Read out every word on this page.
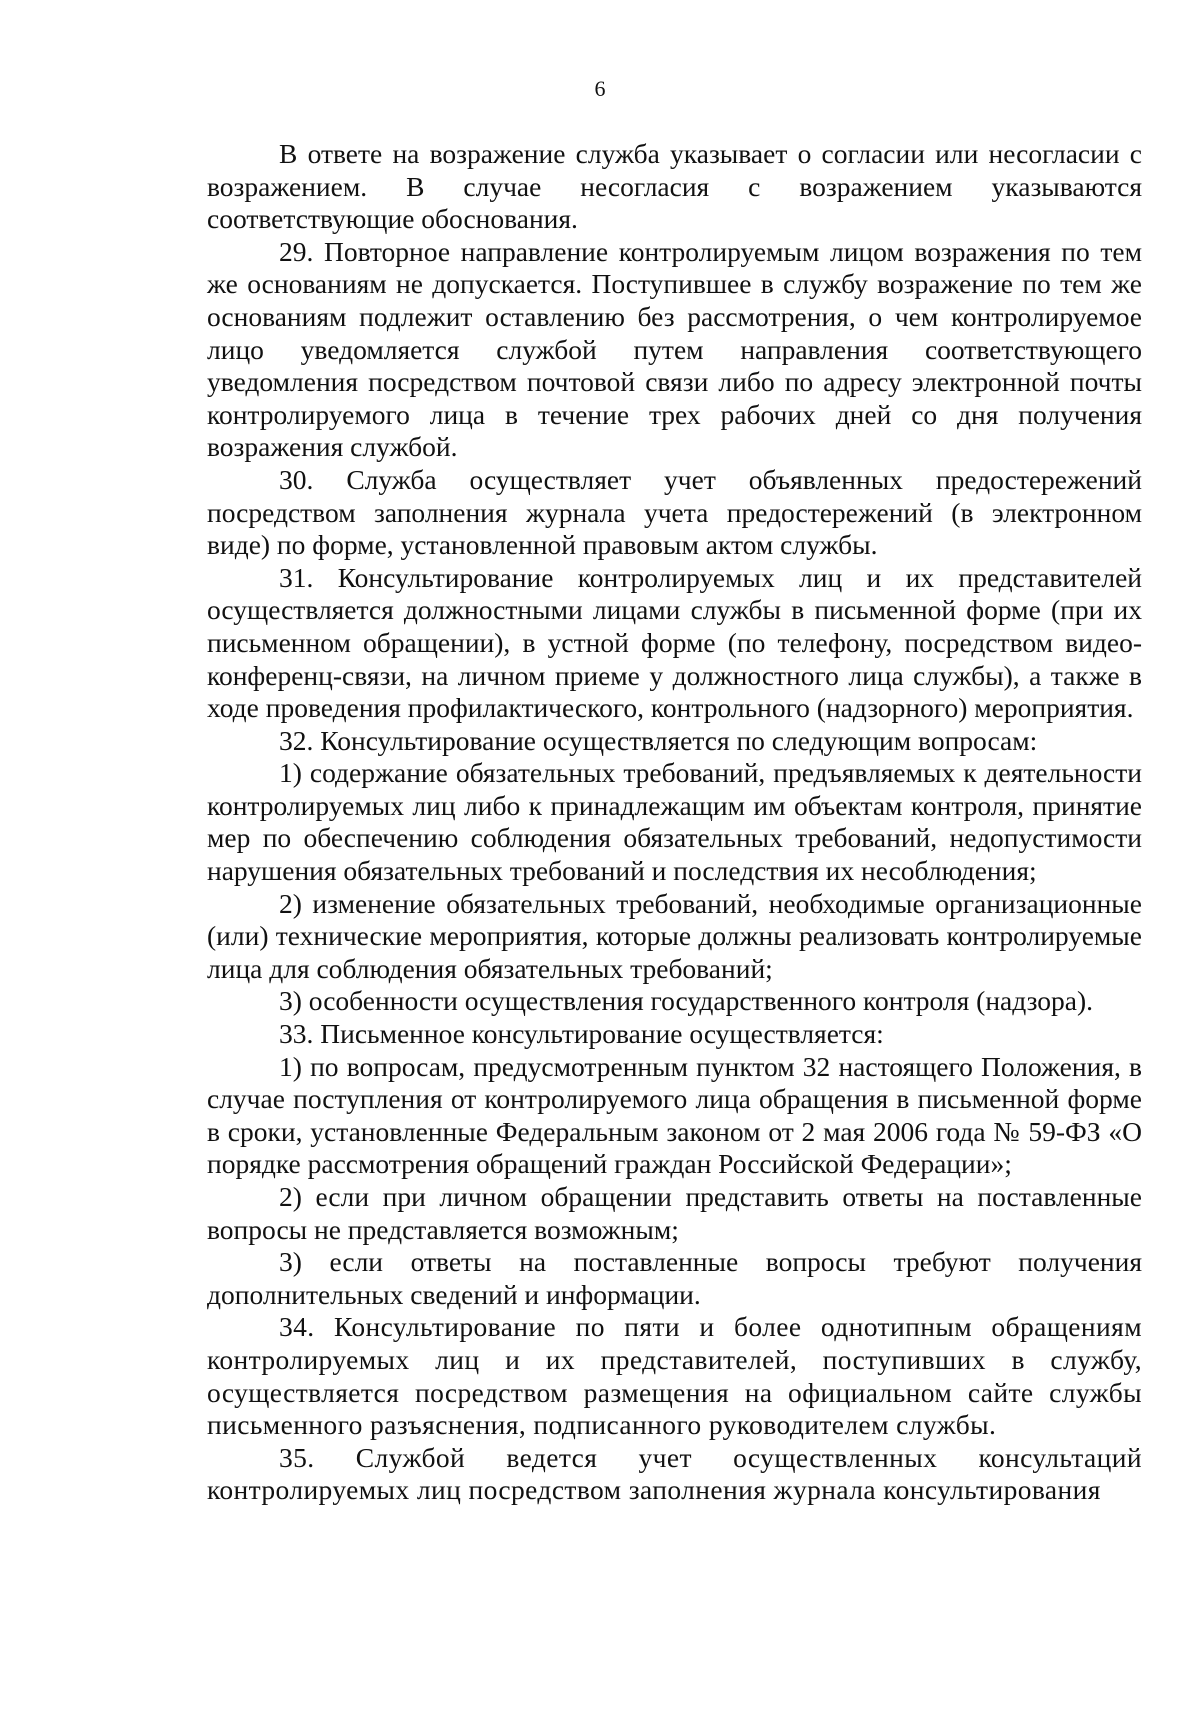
6

В ответе на возражение служба указывает о согласии или несогласии с возражением. В случае несогласия с возражением указываются соответствующие обоснования.

29. Повторное направление контролируемым лицом возражения по тем же основаниям не допускается. Поступившее в службу возражение по тем же основаниям подлежит оставлению без рассмотрения, о чем контролируемое лицо уведомляется службой путем направления соответствующего уведомления посредством почтовой связи либо по адресу электронной почты контролируемого лица в течение трех рабочих дней со дня получения возражения службой.

30. Служба осуществляет учет объявленных предостережений посредством заполнения журнала учета предостережений (в электронном виде) по форме, установленной правовым актом службы.

31. Консультирование контролируемых лиц и их представителей осуществляется должностными лицами службы в письменной форме (при их письменном обращении), в устной форме (по телефону, посредством видео-конференц-связи, на личном приеме у должностного лица службы), а также в ходе проведения профилактического, контрольного (надзорного) мероприятия.

32. Консультирование осуществляется по следующим вопросам:

1) содержание обязательных требований, предъявляемых к деятельности контролируемых лиц либо к принадлежащим им объектам контроля, принятие мер по обеспечению соблюдения обязательных требований, недопустимости нарушения обязательных требований и последствия их несоблюдения;

2) изменение обязательных требований, необходимые организационные (или) технические мероприятия, которые должны реализовать контролируемые лица для соблюдения обязательных требований;

3) особенности осуществления государственного контроля (надзора).

33. Письменное консультирование осуществляется:

1) по вопросам, предусмотренным пунктом 32 настоящего Положения, в случае поступления от контролируемого лица обращения в письменной форме в сроки, установленные Федеральным законом от 2 мая 2006 года № 59-ФЗ «О порядке рассмотрения обращений граждан Российской Федерации»;

2) если при личном обращении представить ответы на поставленные вопросы не представляется возможным;

3) если ответы на поставленные вопросы требуют получения дополнительных сведений и информации.

34. Консультирование по пяти и более однотипным обращениям контролируемых лиц и их представителей, поступивших в службу, осуществляется посредством размещения на официальном сайте службы письменного разъяснения, подписанного руководителем службы.

35. Службой ведется учет осуществленных консультаций контролируемых лиц посредством заполнения журнала консультирования
